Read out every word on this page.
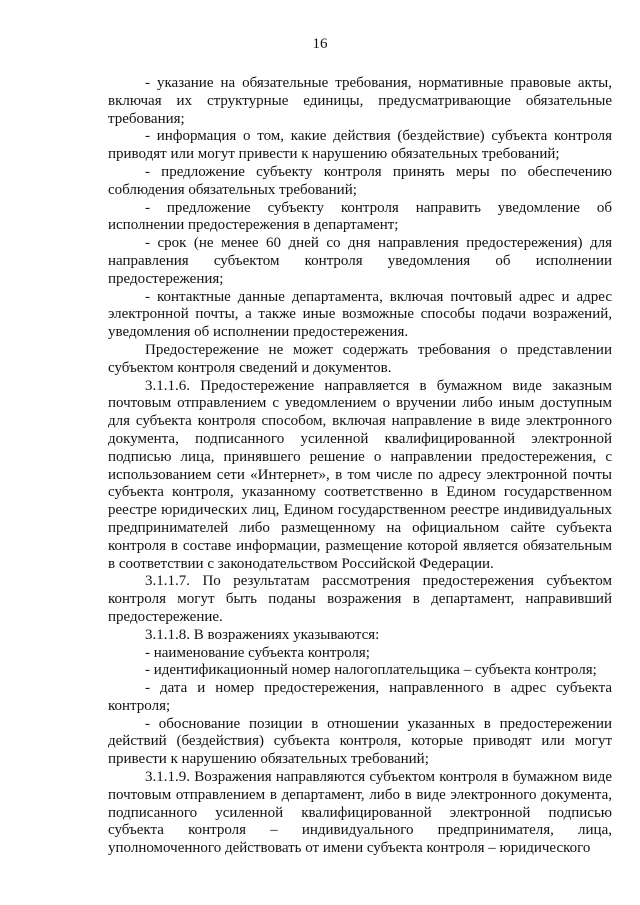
16

- указание на обязательные требования, нормативные правовые акты, включая их структурные единицы, предусматривающие обязательные требования;

- информация о том, какие действия (бездействие) субъекта контроля приводят или могут привести к нарушению обязательных требований;

- предложение субъекту контроля принять меры по обеспечению соблюдения обязательных требований;

- предложение субъекту контроля направить уведомление об исполнении предостережения в департамент;

- срок (не менее 60 дней со дня направления предостережения) для направления субъектом контроля уведомления об исполнении предостережения;

- контактные данные департамента, включая почтовый адрес и адрес электронной почты, а также иные возможные способы подачи возражений, уведомления об исполнении предостережения.

Предостережение не может содержать требования о представлении субъектом контроля сведений и документов.

3.1.1.6. Предостережение направляется в бумажном виде заказным почтовым отправлением с уведомлением о вручении либо иным доступным для субъекта контроля способом, включая направление в виде электронного документа, подписанного усиленной квалифицированной электронной подписью лица, принявшего решение о направлении предостережения, с использованием сети «Интернет», в том числе по адресу электронной почты субъекта контроля, указанному соответственно в Едином государственном реестре юридических лиц, Едином государственном реестре индивидуальных предпринимателей либо размещенному на официальном сайте субъекта контроля в составе информации, размещение которой является обязательным в соответствии с законодательством Российской Федерации.

3.1.1.7. По результатам рассмотрения предостережения субъектом контроля могут быть поданы возражения в департамент, направивший предостережение.

3.1.1.8. В возражениях указываются:

- наименование субъекта контроля;

- идентификационный номер налогоплательщика – субъекта контроля;

- дата и номер предостережения, направленного в адрес субъекта контроля;

- обоснование позиции в отношении указанных в предостережении действий (бездействия) субъекта контроля, которые приводят или могут привести к нарушению обязательных требований;

3.1.1.9. Возражения направляются субъектом контроля в бумажном виде почтовым отправлением в департамент, либо в виде электронного документа, подписанного усиленной квалифицированной электронной подписью субъекта контроля – индивидуального предпринимателя, лица, уполномоченного действовать от имени субъекта контроля – юридического
